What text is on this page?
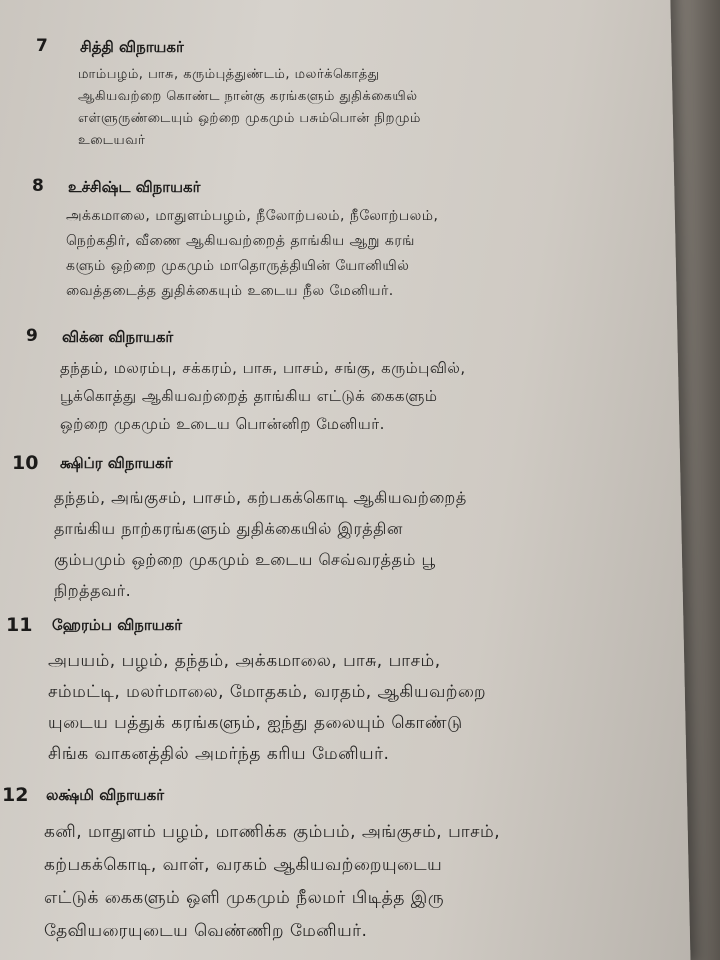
7 சித்தி விநாயகர்
மாம்பழம், பாசு, கரும்புத்துண்டம், மலர்க்கொத்து
ஆகியவற்றை கொண்ட நான்கு கரங்களும் துதிக்கையில்
எள்ளுருண்டையும் ஒற்றை முகமும் பசும்பொன் நிறமும்
உடையவர்
8 உச்சிஷ்ட விநாயகர்
அக்கமாலை, மாதுளம்பழம், நீலோற்பலம், நீலோற்பலம்,
நெற்கதிர், வீணை ஆகியவற்றைத் தாங்கிய ஆறு கரங்
களும் ஒற்றை முகமும் மாதொருத்தியின் யோனியில்
வைத்தடைத்த துதிக்கையும் உடைய நீல மேனியர்.
9 விக்ன விநாயகர்
தந்தம், மலரம்பு, சக்கரம், பாசு, பாசம், சங்கு, கரும்புவில்,
பூக்கொத்து ஆகியவற்றைத் தாங்கிய எட்டுக் கைகளும்
ஒற்றை முகமும் உடைய பொன்னிற மேனியர்.
10 க்ஷிப்ர விநாயகர்
தந்தம், அங்குசம், பாசம், கற்பகக்கொடி ஆகியவற்றைத்
தாங்கிய நாற்கரங்களும் துதிக்கையில் இரத்தின
கும்பமும் ஒற்றை முகமும் உடைய செவ்வரத்தம் பூ
நிறத்தவர்.
11 ஹேரம்ப விநாயகர்
அபயம், பழம், தந்தம், அக்கமாலை, பாசு, பாசம்,
சம்மட்டி, மலர்மாலை, மோதகம், வரதம், ஆகியவற்றை
யுடைய பத்துக் கரங்களும், ஐந்து தலையும் கொண்டு
சிங்க வாகனத்தில் அமர்ந்த கரிய மேனியர்.
12 லக்ஷ்மி விநாயகர்
கனி, மாதுளம் பழம், மாணிக்க கும்பம், அங்குசம், பாசம்,
கற்பகக்கொடி, வாள், வரகம் ஆகியவற்றையுடைய
எட்டுக் கைகளும் ஒளி முகமும் நீலமர் பிடித்த இரு
தேவியரையுடைய வெண்ணிற மேனியர்.
